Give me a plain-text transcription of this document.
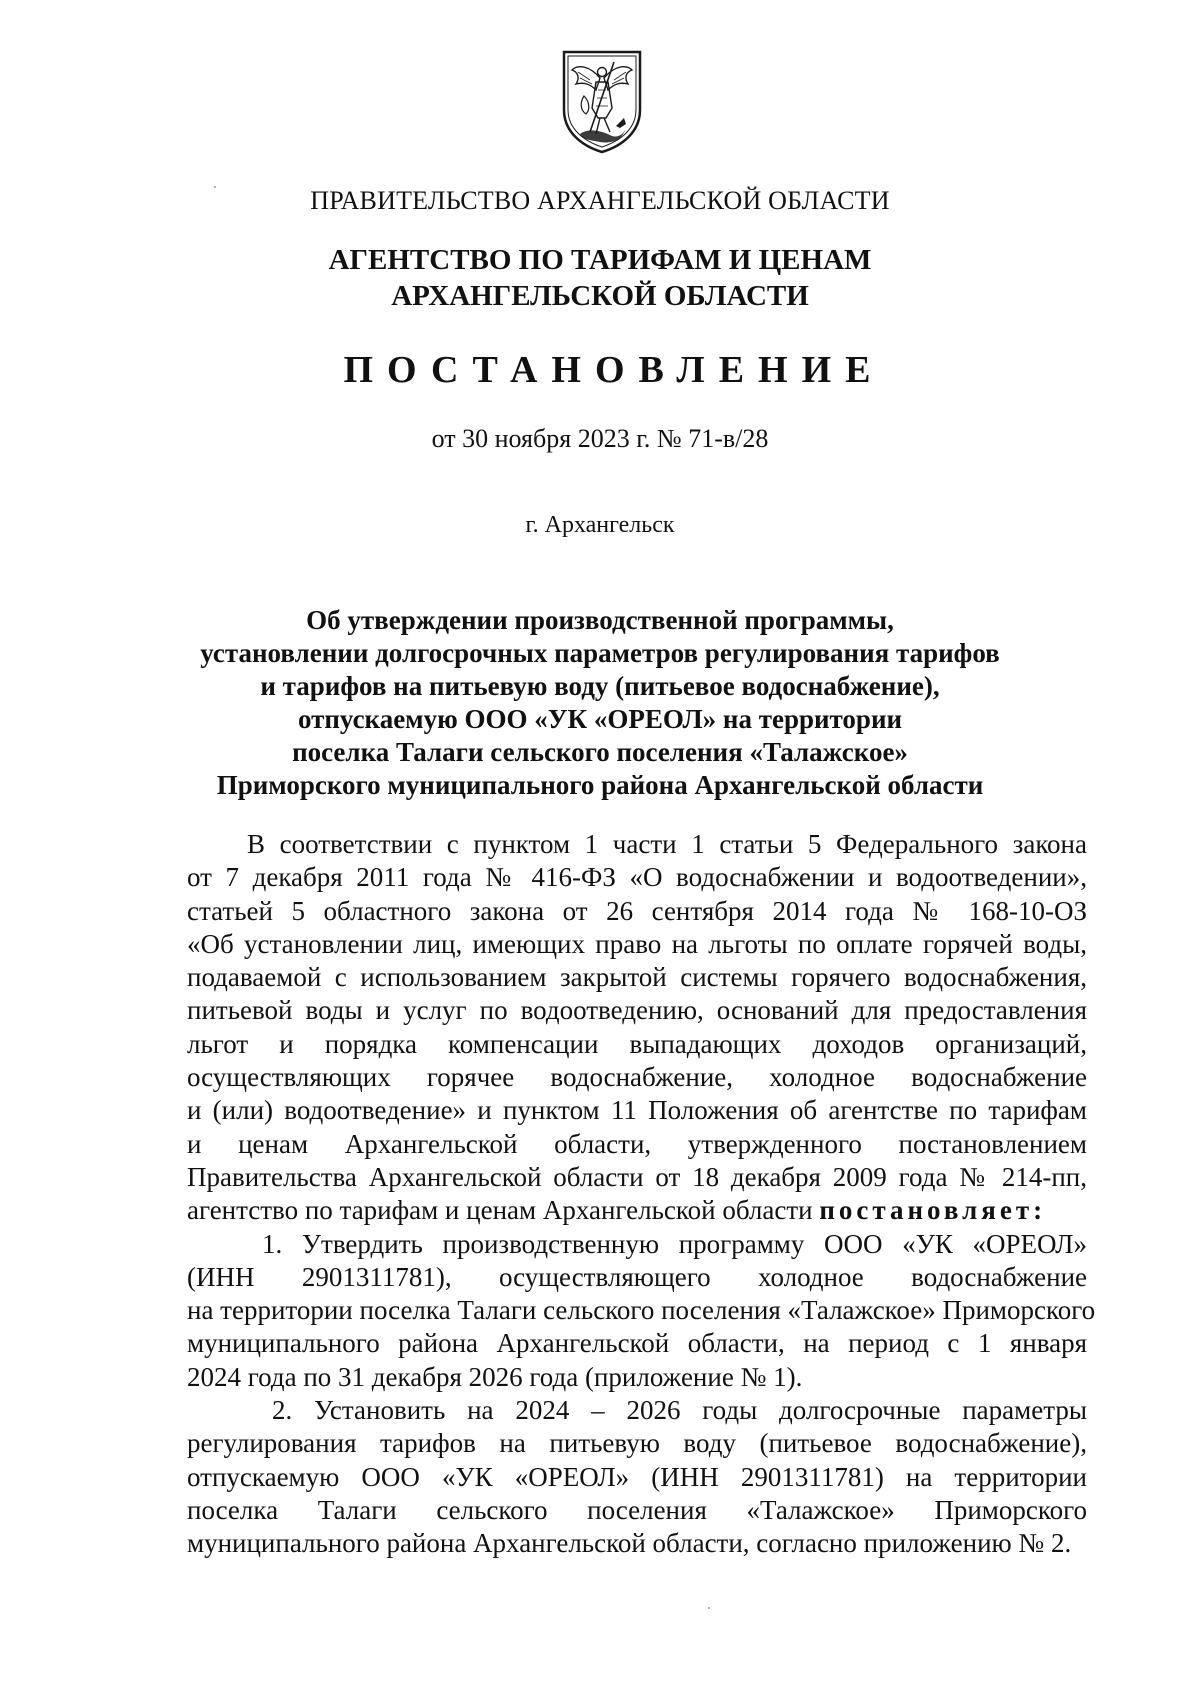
ПРАВИТЕЛЬСТВО АРХАНГЕЛЬСКОЙ ОБЛАСТИ
АГЕНТСТВО ПО ТАРИФАМ И ЦЕНАМ
АРХАНГЕЛЬСКОЙ ОБЛАСТИ
ПОСТАНОВЛЕНИЕ
от 30 ноября 2023 г. № 71-в/28
г. Архангельск
Об утверждении производственной программы,
установлении долгосрочных параметров регулирования тарифов
и тарифов на питьевую воду (питьевое водоснабжение),
отпускаемую ООО «УК «ОРЕОЛ» на территории
поселка Талаги сельского поселения «Талажское»
Приморского муниципального района Архангельской области
В соответствии с пунктом 1 части 1 статьи 5 Федерального закона
от 7 декабря 2011 года № 416-ФЗ «О водоснабжении и водоотведении»,
статьей 5 областного закона от 26 сентября 2014 года № 168-10-ОЗ
«Об установлении лиц, имеющих право на льготы по оплате горячей воды,
подаваемой с использованием закрытой системы горячего водоснабжения,
питьевой воды и услуг по водоотведению, оснований для предоставления
льгот и порядка компенсации выпадающих доходов организаций,
осуществляющих горячее водоснабжение, холодное водоснабжение
и (или) водоотведение» и пунктом 11 Положения об агентстве по тарифам
и ценам Архангельской области, утвержденного постановлением
Правительства Архангельской области от 18 декабря 2009 года № 214-пп,
агентство по тарифам и ценам Архангельской области постановляет:
1. Утвердить производственную программу ООО «УК «ОРЕОЛ»
(ИНН 2901311781), осуществляющего холодное водоснабжение
на территории поселка Талаги сельского поселения «Талажское» Приморского
муниципального района Архангельской области, на период с 1 января
2024 года по 31 декабря 2026 года (приложение № 1).
2. Установить на 2024 – 2026 годы долгосрочные параметры
регулирования тарифов на питьевую воду (питьевое водоснабжение),
отпускаемую ООО «УК «ОРЕОЛ» (ИНН 2901311781) на территории
поселка Талаги сельского поселения «Талажское» Приморского
муниципального района Архангельской области, согласно приложению № 2.
